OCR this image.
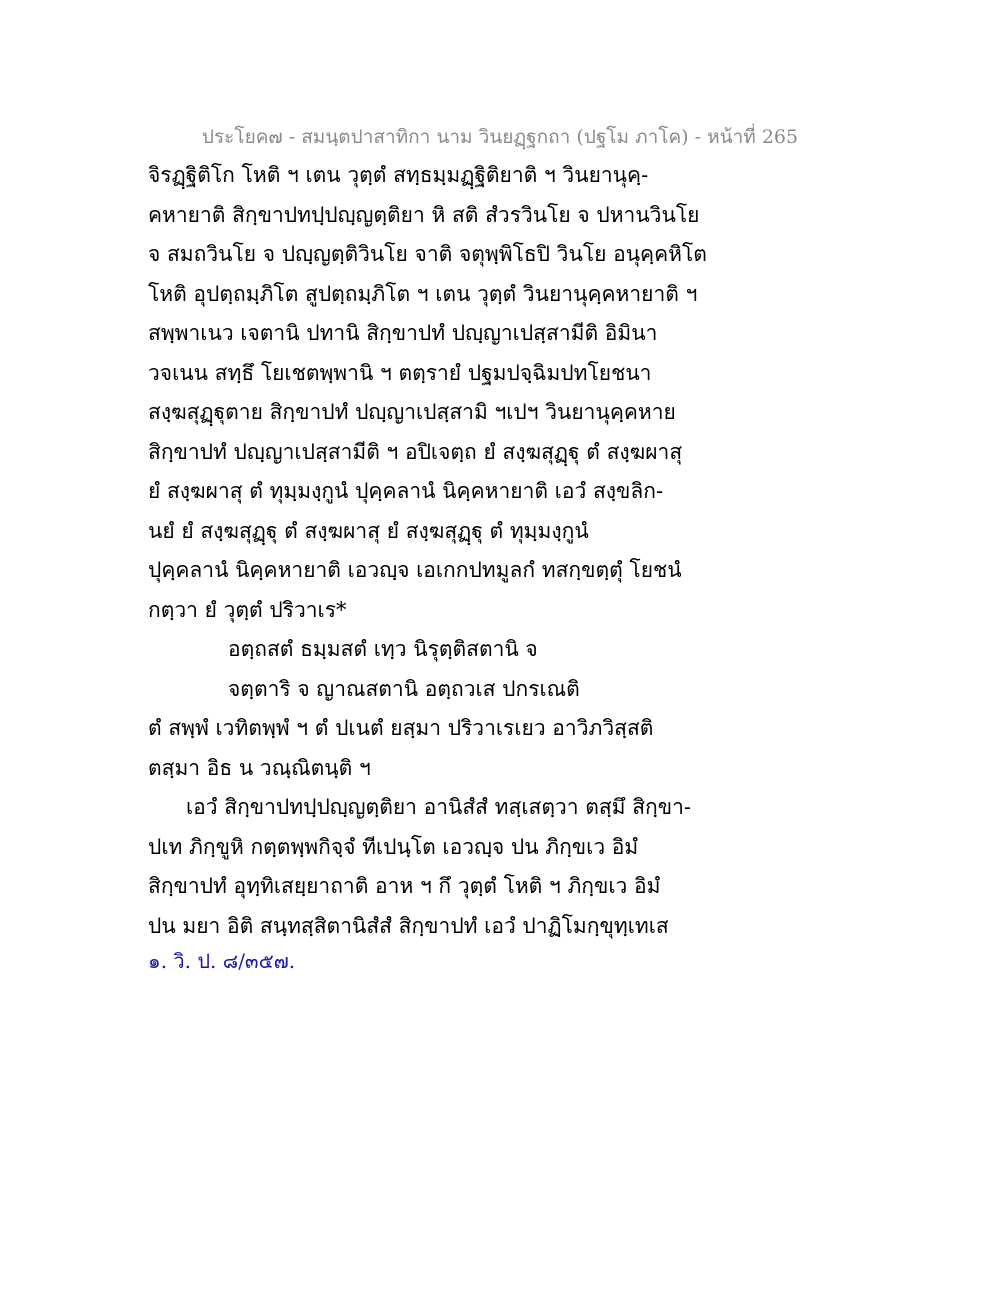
ประโยค๗ - สมนฺตปาสาทิกา นาม วินยฏฺฐกถา (ปฐโม ภาโค) - หน้าที่ 265
จิรฏฺฐิติโก โหติ ฯ เตน วุตฺตํ สทฺธมฺมฏฺฐิติยาติ ฯ วินยานุคฺ-
คหายาติ สิกฺขาปทปฺปญฺญตฺติยา หิ สติ สํวรวินโย จ ปหานวินโย
จ สมถวินโย จ ปญฺญตฺติวินโย จาติ จตุพฺพิโธปิ วินโย อนุคฺคหิโต
โหติ อุปตฺถมฺภิโต สูปตฺถมฺภิโต ฯ เตน วุตฺตํ วินยานุคฺคหายาติ ฯ
สพฺพาเนว เจตานิ ปทานิ สิกฺขาปทํ ปญฺญาเปสฺสามีติ อิมินา
วจเนน สทฺธึ โยเชตพฺพานิ ฯ ตตฺรายํ ปฐมปจฺฉิมปทโยชนา
สงฺฆสุฏฺฐุตาย สิกฺขาปทํ ปญฺญาเปสฺสามิ ฯเปฯ วินยานุคฺคหาย
สิกฺขาปทํ ปญฺญาเปสฺสามีติ ฯ อปิเจตฺถ ยํ สงฺฆสุฏฺฐุ ตํ สงฺฆผาสุ
ยํ สงฺฆผาสุ ตํ ทุมฺมงฺกูนํ ปุคฺคลานํ นิคฺคหายาติ เอวํ สงฺขลิก-
นยํ ยํ สงฺฆสุฏฺฐุ ตํ สงฺฆผาสุ ยํ สงฺฆสุฏฺฐุ ตํ ทุมฺมงฺกูนํ
ปุคฺคลานํ นิคฺคหายาติ เอวญฺจ เอเกกปทมูลกํ ทสกฺขตฺตุํ โยชนํ
กตฺวา ยํ วุตฺตํ ปริวาเร*
อตฺถสตํ ธมฺมสตํ เทฺว นิรุตฺติสตานิ จ
จตฺตาริ จ ญาณสตานิ อตฺถวเส ปกรเณติ
ตํ สพฺพํ เวทิตพฺพํ ฯ ตํ ปเนตํ ยสฺมา ปริวาเรเยว อาวิภวิสฺสติ
ตสฺมา อิธ น วณฺณิตนฺติ ฯ
เอวํ สิกฺขาปทปฺปญฺญตฺติยา อานิสํสํ ทสฺเสตฺวา ตสฺมึ สิกฺขา-
ปเท ภิกฺขูหิ กตฺตพฺพกิจฺจํ ทีเปนฺโต เอวญฺจ ปน ภิกฺขเว อิมํ
สิกฺขาปทํ อุทฺทิเสยฺยาถาติ อาห ฯ กึ วุตฺตํ โหติ ฯ ภิกฺขเว อิมํ
ปน มยา อิติ สนฺทสฺสิตานิสํสํ สิกฺขาปทํ เอวํ ปาฏิโมกฺขุทฺเทเส
๑. วิ. ป. ๘/๓๕๗.
